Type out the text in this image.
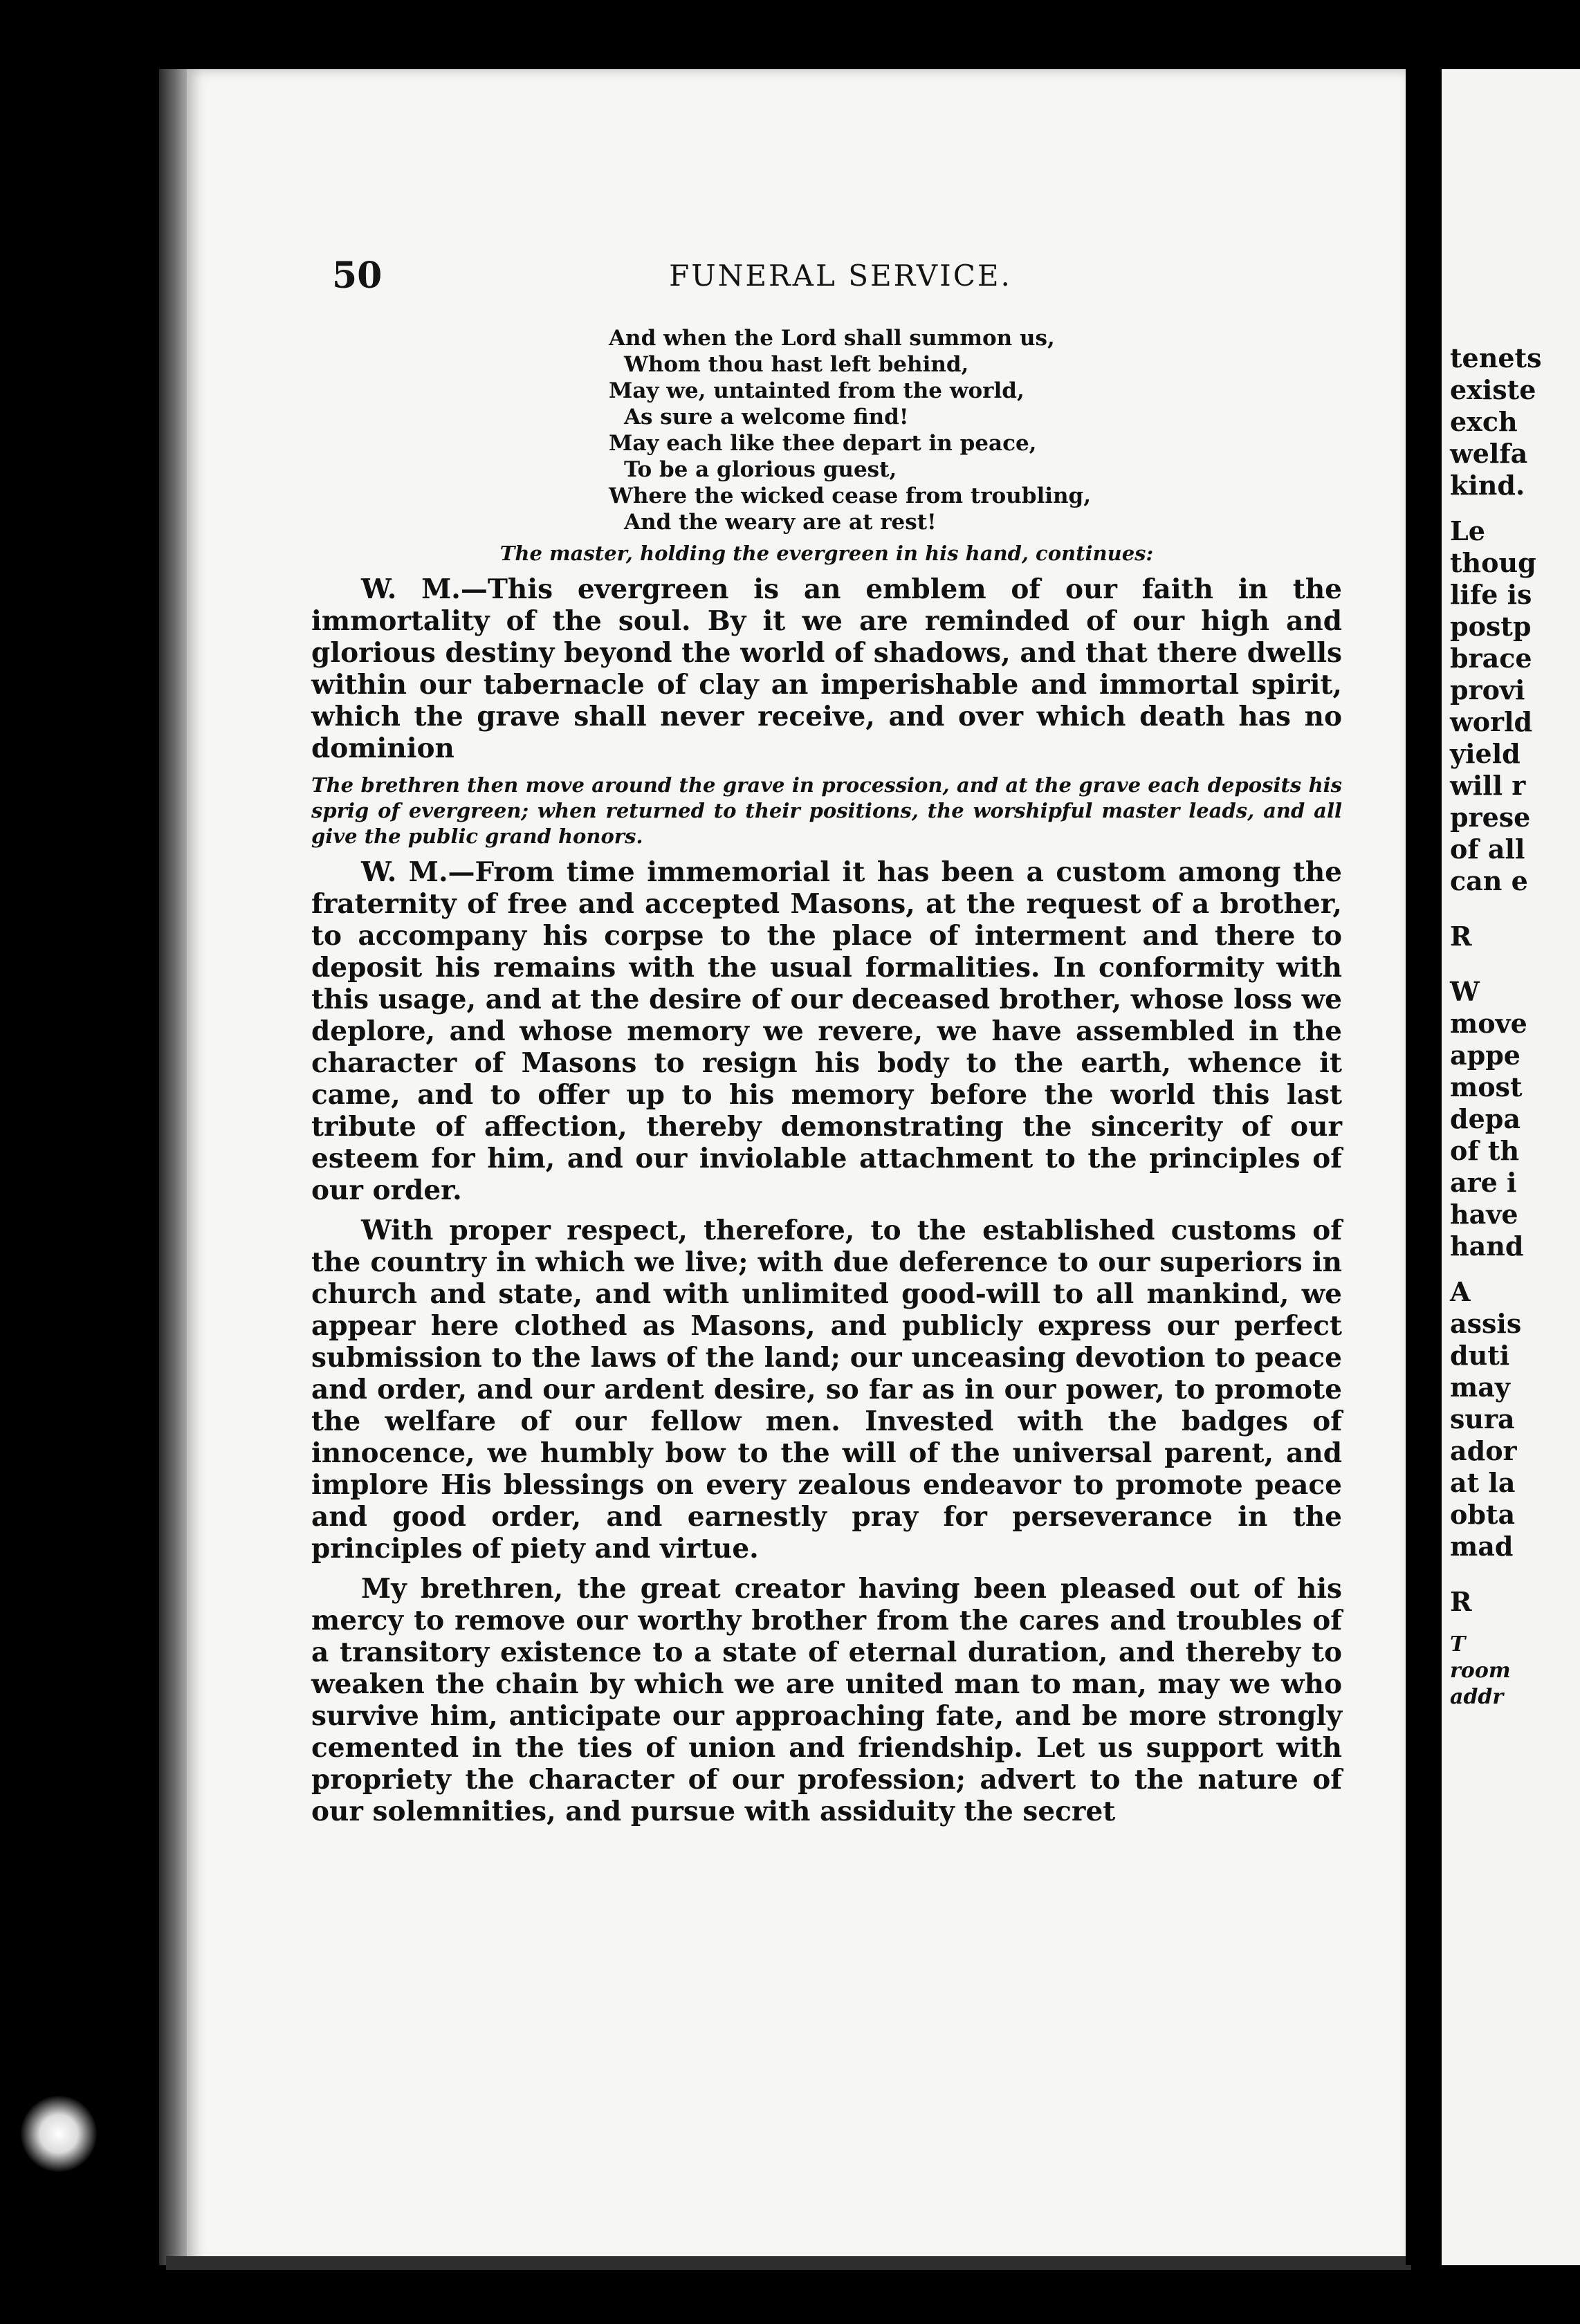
50	FUNERAL SERVICE.
And when the Lord shall summon us,
Whom thou hast left behind,
May we, untainted from the world,
As sure a welcome find!
May each like thee depart in peace,
To be a glorious guest,
Where the wicked cease from troubling,
And the weary are at rest!

The master, holding the evergreen in his hand, continues:

W. M.—This evergreen is an emblem of our faith in the immortality of the soul. By it we are reminded of our high and glorious destiny beyond the world of shadows, and that there dwells within our tabernacle of clay an imperishable and immortal spirit, which the grave shall never receive, and over which death has no dominion

The brethren then move around the grave in procession, and at the grave each deposits his sprig of evergreen; when returned to their positions, the worshipful master leads, and all give the public grand honors.

W. M.—From time immemorial it has been a custom among the fraternity of free and accepted Masons, at the request of a brother, to accompany his corpse to the place of interment and there to deposit his remains with the usual formalities. In conformity with this usage, and at the desire of our deceased brother, whose loss we deplore, and whose memory we revere, we have assembled in the character of Masons to resign his body to the earth, whence it came, and to offer up to his memory before the world this last tribute of affection, thereby demonstrating the sincerity of our esteem for him, and our inviolable attachment to the principles of our order.

With proper respect, therefore, to the established customs of the country in which we live; with due deference to our superiors in church and state, and with unlimited good-will to all mankind, we appear here clothed as Masons, and publicly express our perfect submission to the laws of the land; our unceasing devotion to peace and order, and our ardent desire, so far as in our power, to promote the welfare of our fellow men. Invested with the badges of innocence, we humbly bow to the will of the universal parent, and implore His blessings on every zealous endeavor to promote peace and good order, and earnestly pray for perseverance in the principles of piety and virtue.

My brethren, the great creator having been pleased out of his mercy to remove our worthy brother from the cares and troubles of a transitory existence to a state of eternal duration, and thereby to weaken the chain by which we are united man to man, may we who survive him, anticipate our approaching fate, and be more strongly cemented in the ties of union and friendship. Let us support with propriety the character of our profession; advert to the nature of our solemnities, and pursue with assiduity the secret

tenets
existe
exch
welfa
kind.
Le
thoug
life is
postp
brace
provi
world
yield
will r
prese
of all
can e
R
W
move
appe
most
depa
of th
are i
have
hand
A
assis
duti
may
sura
ador
at la
obta
mad
R
T
room
addr
